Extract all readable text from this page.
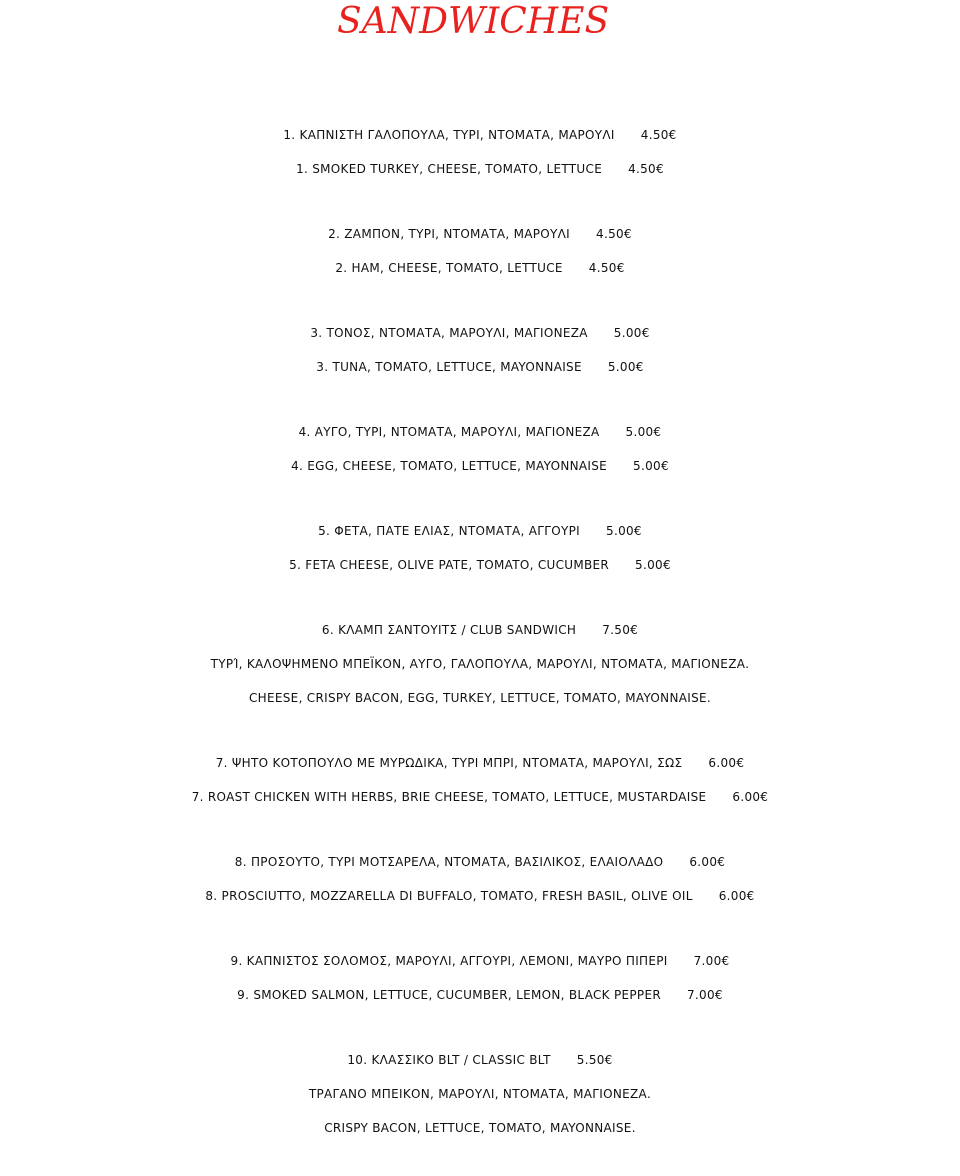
SANDWICHES
1. ΚΑΠΝΙΣΤΗ ΓΑΛΟΠΟΥΛΑ, ΤΥΡΙ, ΝΤΟΜΑΤΑ, ΜΑΡΟΥΛΙ 4.50€
1. SMOKED TURKEY, CHEESE, TOMATO, LETTUCE 4.50€
2. ΖΑΜΠΟΝ, ΤΥΡΙ, ΝΤΟΜΑΤΑ, ΜΑΡΟΥΛΙ 4.50€
2. HAM, CHEESE, TOMATO, LETTUCE 4.50€
3. ΤΟΝΟΣ, ΝΤΟΜΑΤΑ, ΜΑΡΟΥΛΙ, ΜΑΓΙΟΝΕΖΑ 5.00€
3. TUNA, TOMATO, LETTUCE, MAYONNAISE 5.00€
4. ΑΥΓΟ, ΤΥΡΙ, ΝΤΟΜΑΤΑ, ΜΑΡΟΥΛΙ, ΜΑΓΙΟΝΕΖΑ 5.00€
4. EGG, CHEESE, TOMATO, LETTUCE, MAYONNAISE 5.00€
5. ΦΕΤΑ, ΠΑΤΕ ΕΛΙΑΣ, ΝΤΟΜΑΤΑ, ΑΓΓΟΥΡΙ 5.00€
5. FETA CHEESE, OLIVE PATE, TOMATO, CUCUMBER 5.00€
6. ΚΛΑΜΠ ΣΑΝΤΟΥΙΤΣ / CLUB SANDWICH 7.50€
ΤΥΡΊ, ΚΑΛΟΨΗΜΕΝΟ ΜΠΕΪΚΟΝ, ΑΥΓΟ, ΓΑΛΟΠΟΥΛΑ, ΜΑΡΟΥΛΙ, ΝΤΟΜΑΤΑ, ΜΑΓΙΟΝΕΖΑ.
CHEESE, CRISPY BACON, EGG, TURKEY, LETTUCE, TOMATO, MAYONNAISE.
7. ΨΗΤΟ ΚΟΤΟΠΟΥΛΟ ΜΕ ΜΥΡΩΔΙΚΑ, ΤΥΡΙ ΜΠΡΙ, ΝΤΟΜΑΤΑ, ΜΑΡΟΥΛΙ, ΣΩΣ 6.00€
7. ROAST CHICKEN WITH HERBS, BRIE CHEESE, TOMATO, LETTUCE, MUSTARDAISE 6.00€
8. ΠΡΟΣΟΥΤΟ, ΤΥΡΙ ΜΟΤΣΑΡΕΛΑ, ΝΤΟΜΑΤΑ, ΒΑΣΙΛΙΚΟΣ, ΕΛΑΙΟΛΑΔΟ 6.00€
8. PROSCIUTTO, MOZZARELLA DI BUFFALO, TOMATO, FRESH BASIL, OLIVE OIL 6.00€
9. ΚΑΠΝΙΣΤΟΣ ΣΟΛΟΜΟΣ, ΜΑΡΟΥΛΙ, ΑΓΓΟΥΡΙ, ΛΕΜΟΝΙ, ΜΑΥΡΟ ΠΙΠΕΡΙ 7.00€
9. SMOKED SALMON, LETTUCE, CUCUMBER, LEMON, BLACK PEPPER 7.00€
10. ΚΛΑΣΣΙΚΟ BLT / CLASSIC BLT 5.50€
ΤΡΑΓΑΝΟ ΜΠΕΙΚΟΝ, ΜΑΡΟΥΛΙ, ΝΤΟΜΑΤΑ, ΜΑΓΙΟΝΕΖΑ.
CRISPY BACON, LETTUCE, TOMATO, MAYONNAISE.
